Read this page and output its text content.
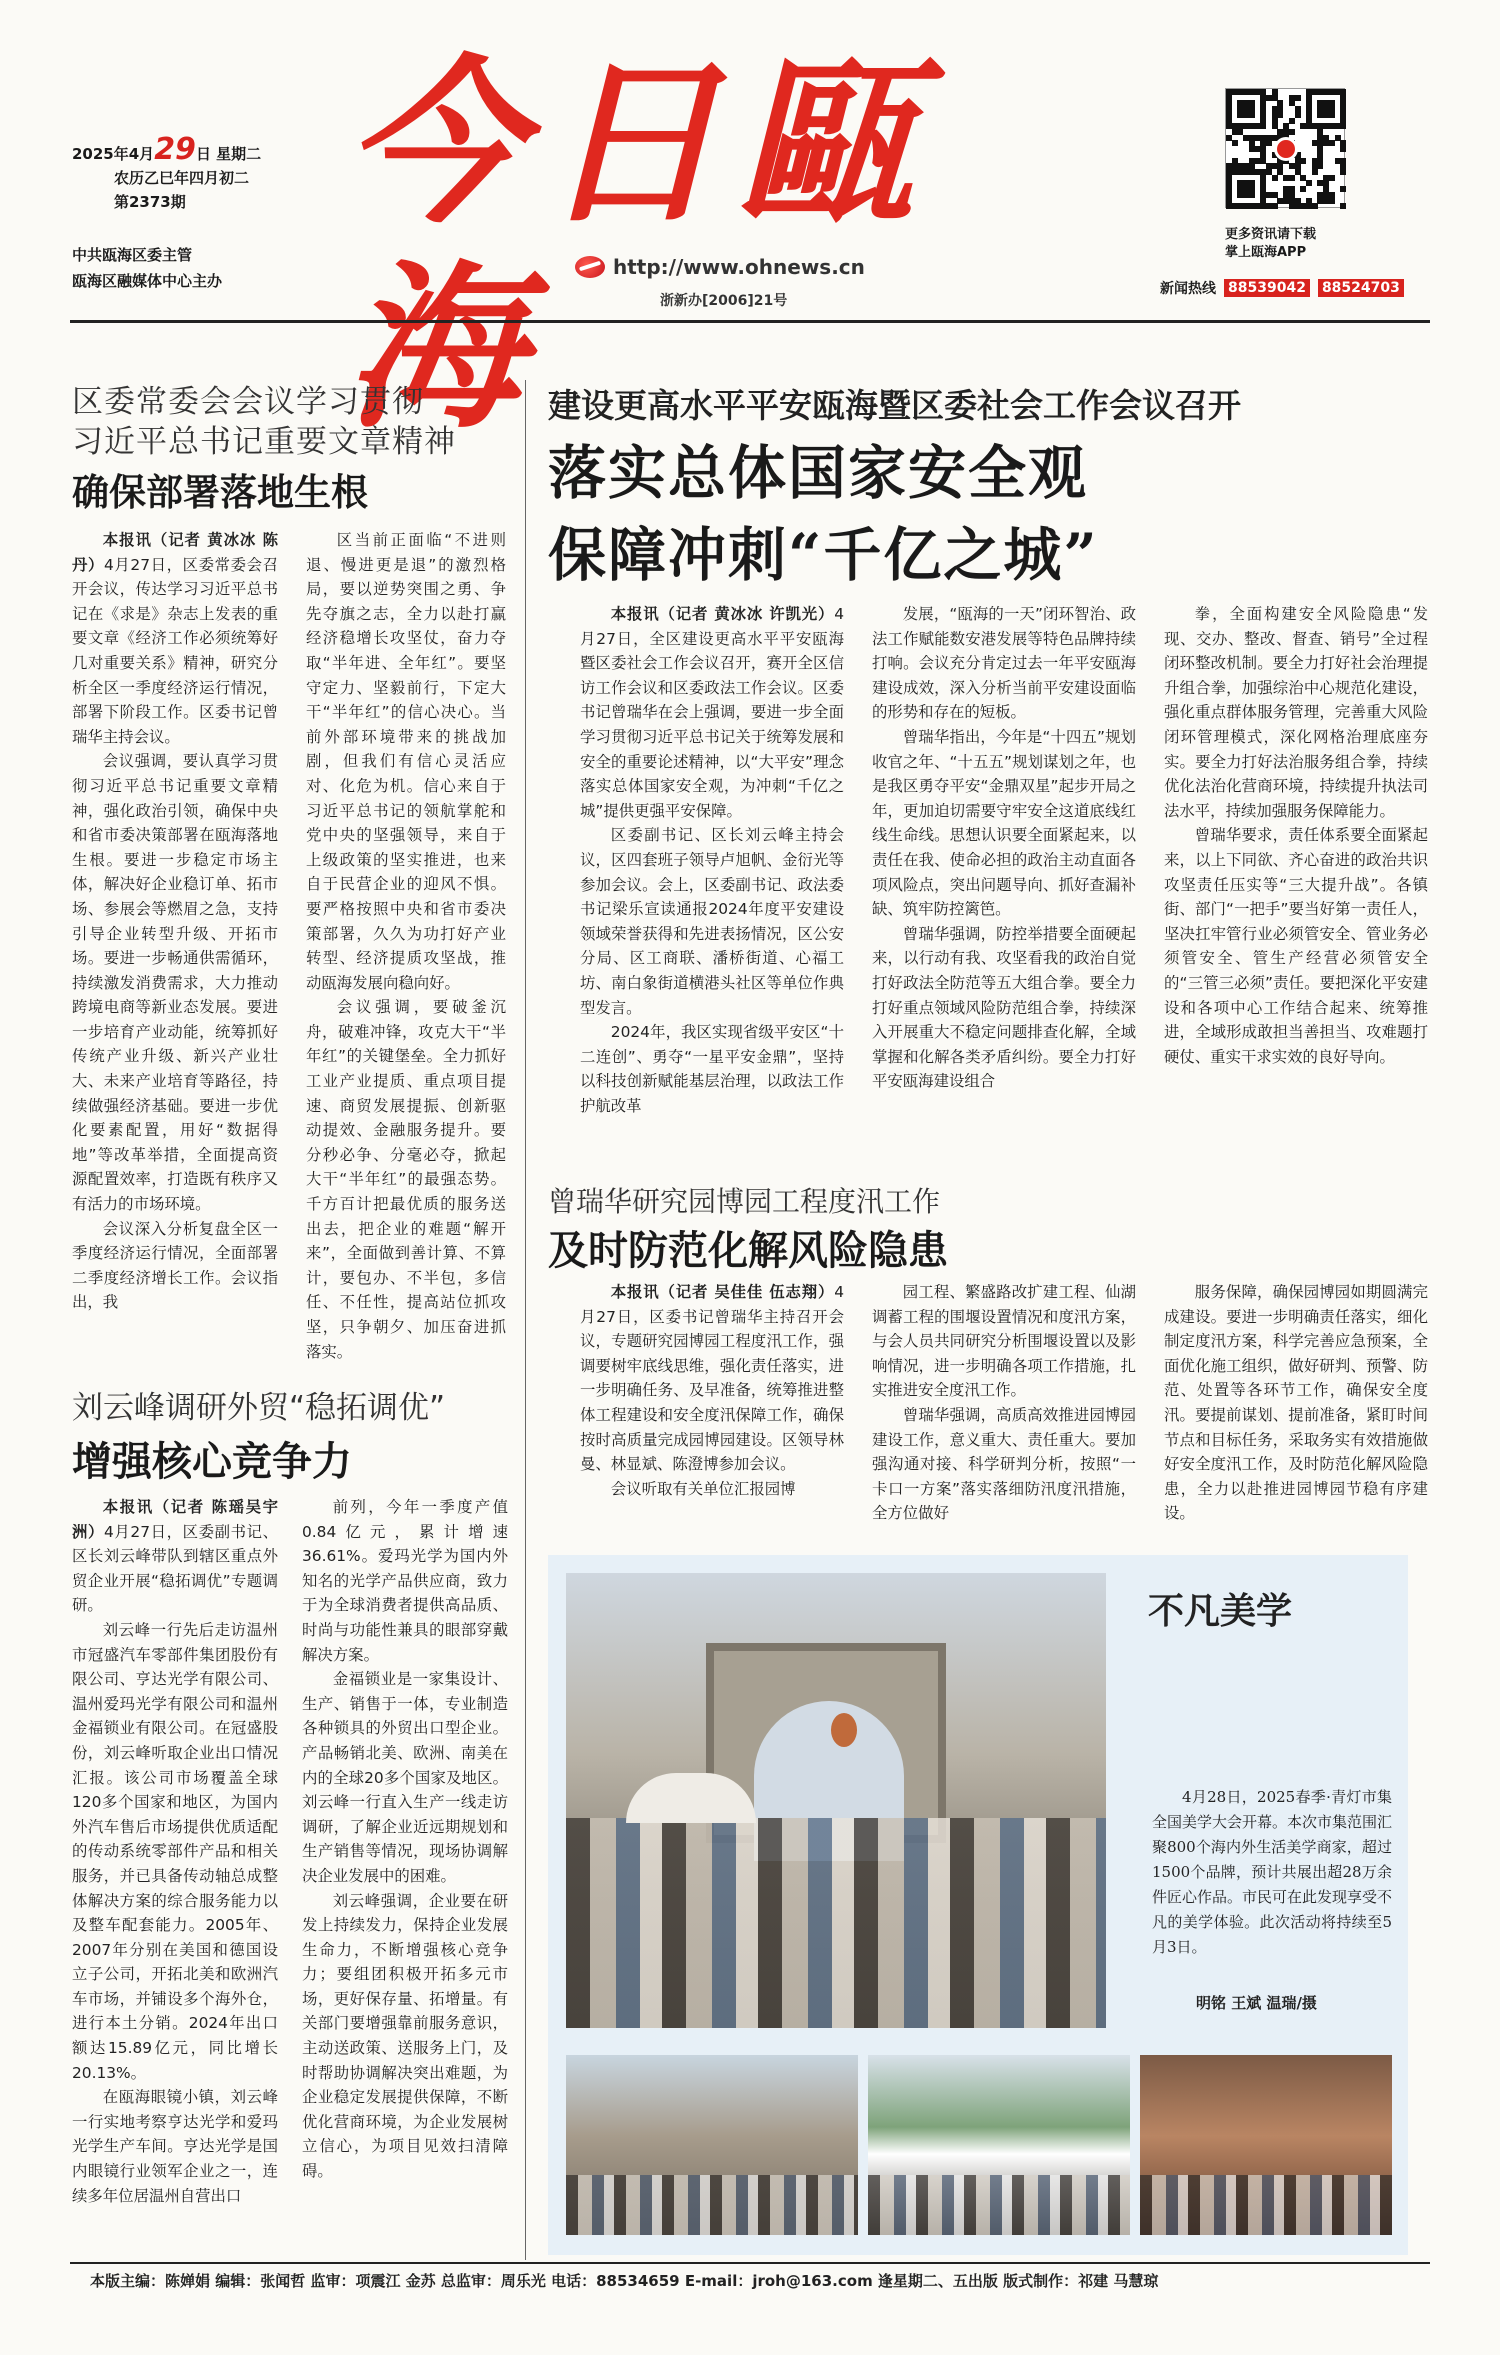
2025年4月29日 星期二
农历乙巳年四月初二
第2373期
中共瓯海区委主管
瓯海区融媒体中心主办
今日甌海	http://www.ohnews.cn
浙新办[2006]21号
更多资讯请下载
掌上瓯海APP
新闻热线 88539042 88524703
区委常委会会议学习贯彻
习近平总书记重要文章精神
确保部署落地生根

本报讯（记者 黄冰冰 陈丹）4月27日，区委常委会召开会议，传达学习习近平总书记在《求是》杂志上发表的重要文章《经济工作必须统筹好几对重要关系》精神，研究分析全区一季度经济运行情况，部署下阶段工作。区委书记曾瑞华主持会议。

会议强调，要认真学习贯彻习近平总书记重要文章精神，强化政治引领，确保中央和省市委决策部署在瓯海落地生根。要进一步稳定市场主体，解决好企业稳订单、拓市场、参展会等燃眉之急，支持引导企业转型升级、开拓市场。要进一步畅通供需循环，持续激发消费需求，大力推动跨境电商等新业态发展。要进一步培育产业动能，统筹抓好传统产业升级、新兴产业壮大、未来产业培育等路径，持续做强经济基础。要进一步优化要素配置，用好“数据得地”等改革举措，全面提高资源配置效率，打造既有秩序又有活力的市场环境。

会议深入分析复盘全区一季度经济运行情况，全面部署二季度经济增长工作。会议指出，我

区当前正面临“不进则退、慢进更是退”的激烈格局，要以逆势突围之勇、争先夺旗之志，全力以赴打赢经济稳增长攻坚仗，奋力夺取“半年进、全年红”。要坚守定力、坚毅前行，下定大干“半年红”的信心决心。当前外部环境带来的挑战加剧，但我们有信心灵活应对、化危为机。信心来自于习近平总书记的领航掌舵和党中央的坚强领导，来自于上级政策的坚实推进，也来自于民营企业的迎风不惧。要严格按照中央和省市委决策部署，久久为功打好产业转型、经济提质攻坚战，推动瓯海发展向稳向好。

会议强调，要破釜沉舟，破难冲锋，攻克大干“半年红”的关键堡垒。全力抓好工业产业提质、重点项目提速、商贸发展提振、创新驱动提效、金融服务提升。要分秒必争、分毫必夺，掀起大干“半年红”的最强态势。千方百计把最优质的服务送出去，把企业的难题“解开来”，全面做到善计算、不算计，要包办、不半包，多信任、不任性，提高站位抓攻坚，只争朝夕、加压奋进抓落实。

刘云峰调研外贸“稳拓调优”
增强核心竞争力

本报讯（记者 陈瑶吴宇洲）4月27日，区委副书记、区长刘云峰带队到辖区重点外贸企业开展“稳拓调优”专题调研。

刘云峰一行先后走访温州市冠盛汽车零部件集团股份有限公司、亨达光学有限公司、温州爱玛光学有限公司和温州金福锁业有限公司。在冠盛股份，刘云峰听取企业出口情况汇报。该公司市场覆盖全球120多个国家和地区，为国内外汽车售后市场提供优质适配的传动系统零部件产品和相关服务，并已具备传动轴总成整体解决方案的综合服务能力以及整车配套能力。2005年、2007年分别在美国和德国设立子公司，开拓北美和欧洲汽车市场，并铺设多个海外仓，进行本土分销。2024年出口额达15.89亿元，同比增长20.13%。

在瓯海眼镜小镇，刘云峰一行实地考察亨达光学和爱玛光学生产车间。亨达光学是国内眼镜行业领军企业之一，连续多年位居温州自营出口

前列，今年一季度产值0.84亿元，累计增速36.61%。爱玛光学为国内外知名的光学产品供应商，致力于为全球消费者提供高品质、时尚与功能性兼具的眼部穿戴解决方案。

金福锁业是一家集设计、生产、销售于一体，专业制造各种锁具的外贸出口型企业。产品畅销北美、欧洲、南美在内的全球20多个国家及地区。刘云峰一行直入生产一线走访调研，了解企业近远期规划和生产销售等情况，现场协调解决企业发展中的困难。

刘云峰强调，企业要在研发上持续发力，保持企业发展生命力，不断增强核心竞争力；要组团积极开拓多元市场，更好保存量、拓增量。有关部门要增强靠前服务意识，主动送政策、送服务上门，及时帮助协调解决突出难题，为企业稳定发展提供保障，不断优化营商环境，为企业发展树立信心，为项目见效扫清障碍。

建设更高水平平安瓯海暨区委社会工作会议召开
落实总体国家安全观
保障冲刺“千亿之城”

本报讯（记者 黄冰冰 许凯光）4月27日，全区建设更高水平平安瓯海暨区委社会工作会议召开，赛开全区信访工作会议和区委政法工作会议。区委书记曾瑞华在会上强调，要进一步全面学习贯彻习近平总书记关于统筹发展和安全的重要论述精神，以“大平安”理念落实总体国家安全观，为冲刺“千亿之城”提供更强平安保障。

区委副书记、区长刘云峰主持会议，区四套班子领导卢旭帆、金衍光等参加会议。会上，区委副书记、政法委书记梁乐宣读通报2024年度平安建设领域荣誉获得和先进表扬情况，区公安分局、区工商联、潘桥街道、心福工坊、南白象街道横港头社区等单位作典型发言。

2024年，我区实现省级平安区“十二连创”、勇夺“一星平安金鼎”，坚持以科技创新赋能基层治理，以政法工作护航改革

发展，“瓯海的一天”闭环智治、政法工作赋能数安港发展等特色品牌持续打响。会议充分肯定过去一年平安瓯海建设成效，深入分析当前平安建设面临的形势和存在的短板。

曾瑞华指出，今年是“十四五”规划收官之年、“十五五”规划谋划之年，也是我区勇夺平安“金鼎双星”起步开局之年，更加迫切需要守牢安全这道底线红线生命线。思想认识要全面紧起来，以责任在我、使命必担的政治主动直面各项风险点，突出问题导向、抓好查漏补缺、筑牢防控篱笆。

曾瑞华强调，防控举措要全面硬起来，以行动有我、攻坚看我的政治自觉打好政法全防范等五大组合拳。要全力打好重点领域风险防范组合拳，持续深入开展重大不稳定问题排查化解，全域掌握和化解各类矛盾纠纷。要全力打好平安瓯海建设组合

拳，全面构建安全风险隐患“发现、交办、整改、督查、销号”全过程闭环整改机制。要全力打好社会治理提升组合拳，加强综治中心规范化建设，强化重点群体服务管理，完善重大风险闭环管理模式，深化网格治理底座夯实。要全力打好法治服务组合拳，持续优化法治化营商环境，持续提升执法司法水平，持续加强服务保障能力。

曾瑞华要求，责任体系要全面紧起来，以上下同欲、齐心奋进的政治共识攻坚责任压实等“三大提升战”。各镇街、部门“一把手”要当好第一责任人，坚决扛牢管行业必须管安全、管业务必须管安全、管生产经营必须管安全的“三管三必须”责任。要把深化平安建设和各项中心工作结合起来、统筹推进，全域形成敢担当善担当、攻难题打硬仗、重实干求实效的良好导向。

曾瑞华研究园博园工程度汛工作
及时防范化解风险隐患

本报讯（记者 吴佳佳 伍志翔）4月27日，区委书记曾瑞华主持召开会议，专题研究园博园工程度汛工作，强调要树牢底线思维，强化责任落实，进一步明确任务、及早准备，统筹推进整体工程建设和安全度汛保障工作，确保按时高质量完成园博园建设。区领导林曼、林显斌、陈澄博参加会议。

会议听取有关单位汇报园博

园工程、繁盛路改扩建工程、仙湖调蓄工程的围堰设置情况和度汛方案，与会人员共同研究分析围堰设置以及影响情况，进一步明确各项工作措施，扎实推进安全度汛工作。

曾瑞华强调，高质高效推进园博园建设工作，意义重大、责任重大。要加强沟通对接、科学研判分析，按照“一卡口一方案”落实落细防汛度汛措施，全方位做好

服务保障，确保园博园如期圆满完成建设。要进一步明确责任落实，细化制定度汛方案，科学完善应急预案，全面优化施工组织，做好研判、预警、防范、处置等各环节工作，确保安全度汛。要提前谋划、提前准备，紧盯时间节点和目标任务，采取务实有效措施做好安全度汛工作，及时防范化解风险隐患，全力以赴推进园博园节稳有序建设。

不凡美学

4月28日，2025春季·青灯市集全国美学大会开幕。本次市集范围汇聚800个海内外生活美学商家，超过1500个品牌，预计共展出超28万余件匠心作品。市民可在此发现享受不凡的美学体验。此次活动将持续至5月3日。

明铭 王斌 温瑞/摄
本版主编：陈婵娟 编辑：张闻哲 监审：项震江 金苏 总监审：周乐光 电话：88534659 E-mail：jroh@163.com 逢星期二、五出版 版式制作：祁建 马慧琼
